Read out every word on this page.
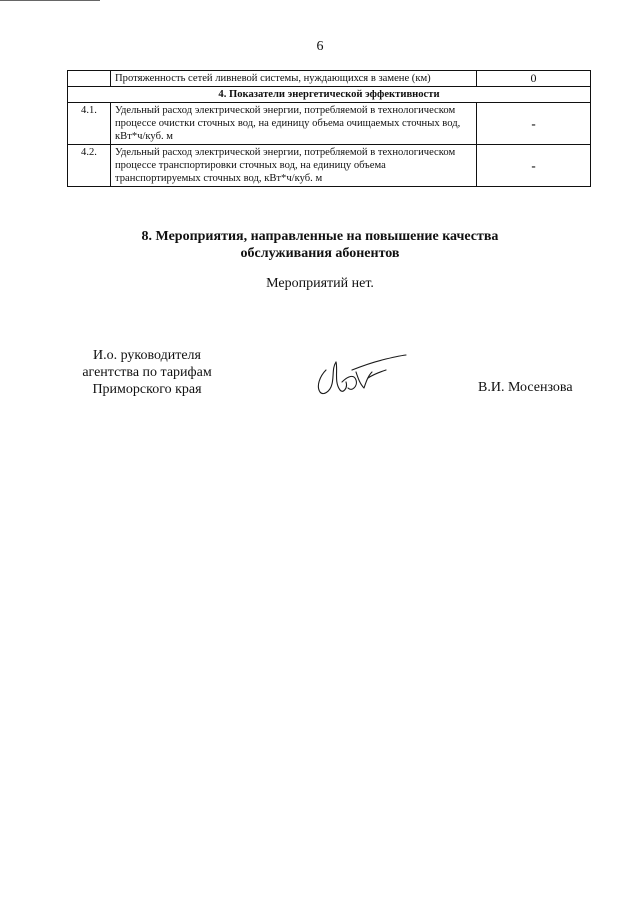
6
	Протяженность сетей ливневой системы, нуждающихся в замене (км)	0
4. Показатели энергетической эффективности		
4.1.	Удельный расход электрической энергии, потребляемой в технологическом процессе очистки сточных вод, на единицу объема очищаемых сточных вод, кВт*ч/куб. м	-
4.2.	Удельный расход электрической энергии, потребляемой в технологическом процессе транспортировки сточных вод, на единицу объема транспортируемых сточных вод, кВт*ч/куб. м	-
8. Мероприятия, направленные на повышение качества
обслуживания абонентов
Мероприятий нет.
И.о. руководителя
агентства по тарифам
Приморского края	В.И. Мосензова
